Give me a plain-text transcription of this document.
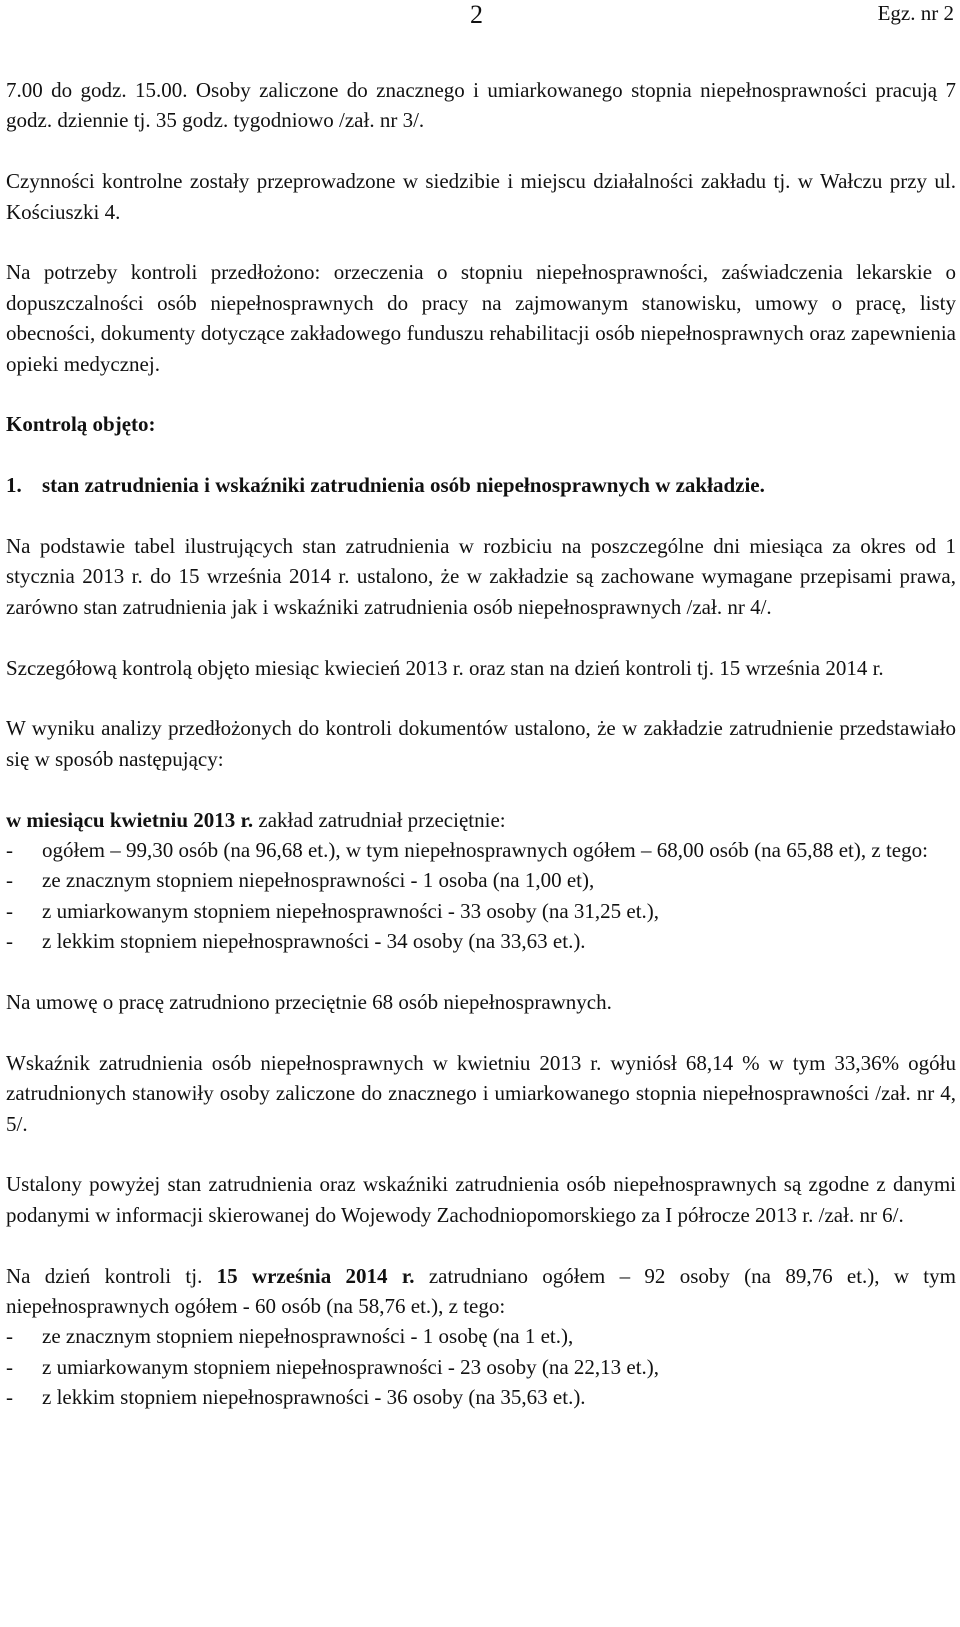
2	Egz. nr 2

7.00 do godz. 15.00. Osoby zaliczone do znacznego i umiarkowanego stopnia niepełnosprawności pracują 7 godz. dziennie tj. 35 godz. tygodniowo /zał. nr 3/.

Czynności kontrolne zostały przeprowadzone w siedzibie i miejscu działalności zakładu tj. w Wałczu przy ul. Kościuszki 4.

Na potrzeby kontroli przedłożono: orzeczenia o stopniu niepełnosprawności, zaświadczenia lekarskie o dopuszczalności osób niepełnosprawnych do pracy na zajmowanym stanowisku, umowy o pracę, listy obecności, dokumenty dotyczące zakładowego funduszu rehabilitacji osób niepełnosprawnych oraz zapewnienia opieki medycznej.

Kontrolą objęto:
1. stan zatrudnienia i wskaźniki zatrudnienia osób niepełnosprawnych w zakładzie.

Na podstawie tabel ilustrujących stan zatrudnienia w rozbiciu na poszczególne dni miesiąca za okres od 1 stycznia 2013 r. do 15 września 2014 r. ustalono, że w zakładzie są zachowane wymagane przepisami prawa, zarówno stan zatrudnienia jak i wskaźniki zatrudnienia osób niepełnosprawnych /zał. nr 4/.

Szczegółową kontrolą objęto miesiąc kwiecień 2013 r. oraz stan na dzień kontroli tj. 15 września 2014 r.

W wyniku analizy przedłożonych do kontroli dokumentów ustalono, że w zakładzie zatrudnienie przedstawiało się w sposób następujący:

w miesiącu kwietniu 2013 r. zakład zatrudniał przeciętnie:

-	ogółem – 99,30 osób (na 96,68 et.), w tym niepełnosprawnych ogółem – 68,00 osób (na 65,88 et), z tego:
-	ze znacznym stopniem niepełnosprawności - 1 osoba (na 1,00 et),
-	z umiarkowanym stopniem niepełnosprawności - 33 osoby (na 31,25 et.),
-	z lekkim stopniem niepełnosprawności - 34 osoby (na 33,63 et.).

Na umowę o pracę zatrudniono przeciętnie 68 osób niepełnosprawnych.

Wskaźnik zatrudnienia osób niepełnosprawnych w kwietniu 2013 r. wyniósł 68,14 % w tym 33,36% ogółu zatrudnionych stanowiły osoby zaliczone do znacznego i umiarkowanego stopnia niepełnosprawności /zał. nr 4, 5/.

Ustalony powyżej stan zatrudnienia oraz wskaźniki zatrudnienia osób niepełnosprawnych są zgodne z danymi podanymi w informacji skierowanej do Wojewody Zachodniopomorskiego za I półrocze 2013 r. /zał. nr 6/.

Na dzień kontroli tj. 15 września 2014 r. zatrudniano ogółem – 92 osoby (na 89,76 et.), w tym niepełnosprawnych ogółem - 60 osób (na 58,76 et.), z tego:

-	ze znacznym stopniem niepełnosprawności - 1 osobę (na 1 et.),
-	z umiarkowanym stopniem niepełnosprawności - 23 osoby (na 22,13 et.),
-	z lekkim stopniem niepełnosprawności - 36 osoby (na 35,63 et.).
